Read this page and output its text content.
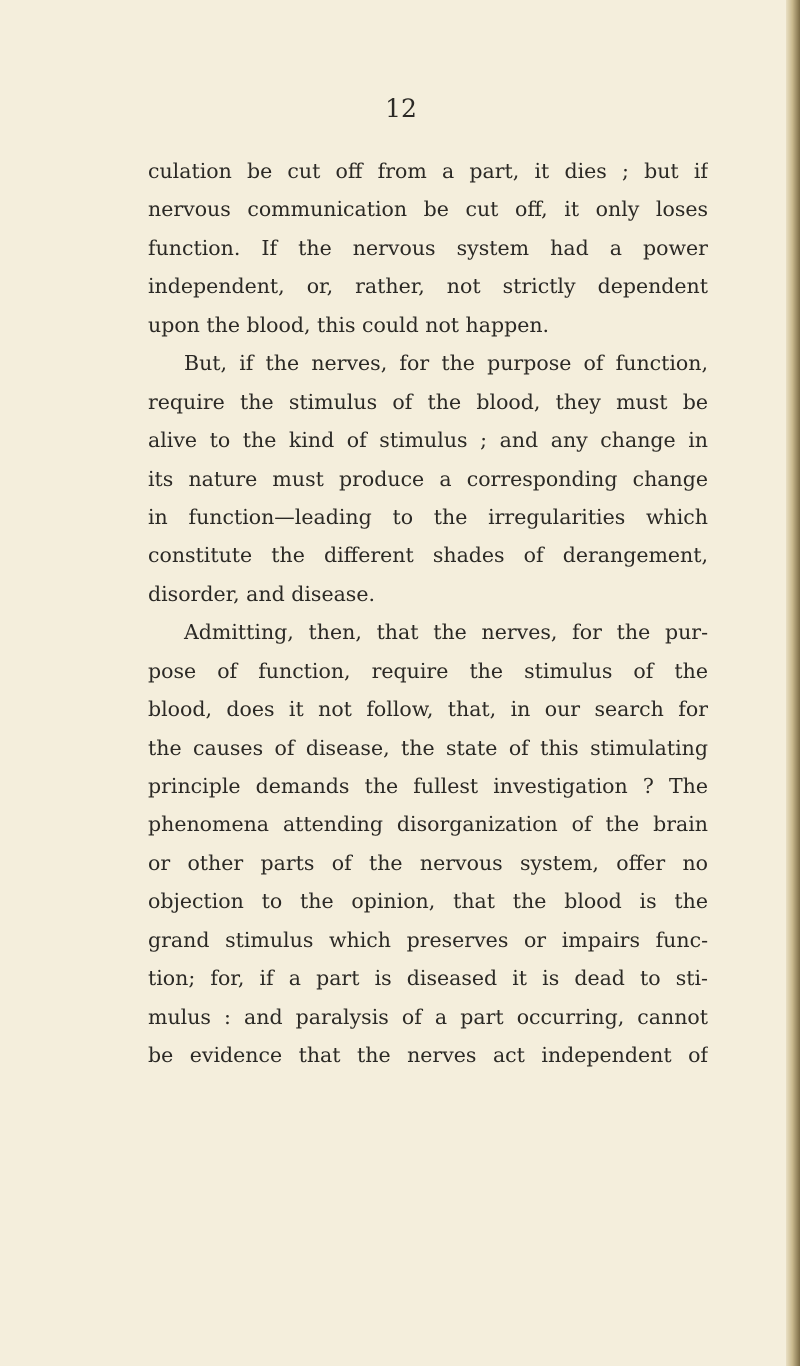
12

culation be cut off from a part, it dies ; but if
nervous communication be cut off, it only loses
function. If the nervous system had a power
independent, or, rather, not strictly dependent
upon the blood, this could not happen.
But, if the nerves, for the purpose of function,
require the stimulus of the blood, they must be
alive to the kind of stimulus ; and any change in
its nature must produce a corresponding change
in function—leading to the irregularities which
constitute the different shades of derangement,
disorder, and disease.
Admitting, then, that the nerves, for the pur-
pose of function, require the stimulus of the
blood, does it not follow, that, in our search for
the causes of disease, the state of this stimulating
principle demands the fullest investigation ? The
phenomena attending disorganization of the brain
or other parts of the nervous system, offer no
objection to the opinion, that the blood is the
grand stimulus which preserves or impairs func-
tion; for, if a part is diseased it is dead to sti-
mulus : and paralysis of a part occurring, cannot
be evidence that the nerves act independent of
